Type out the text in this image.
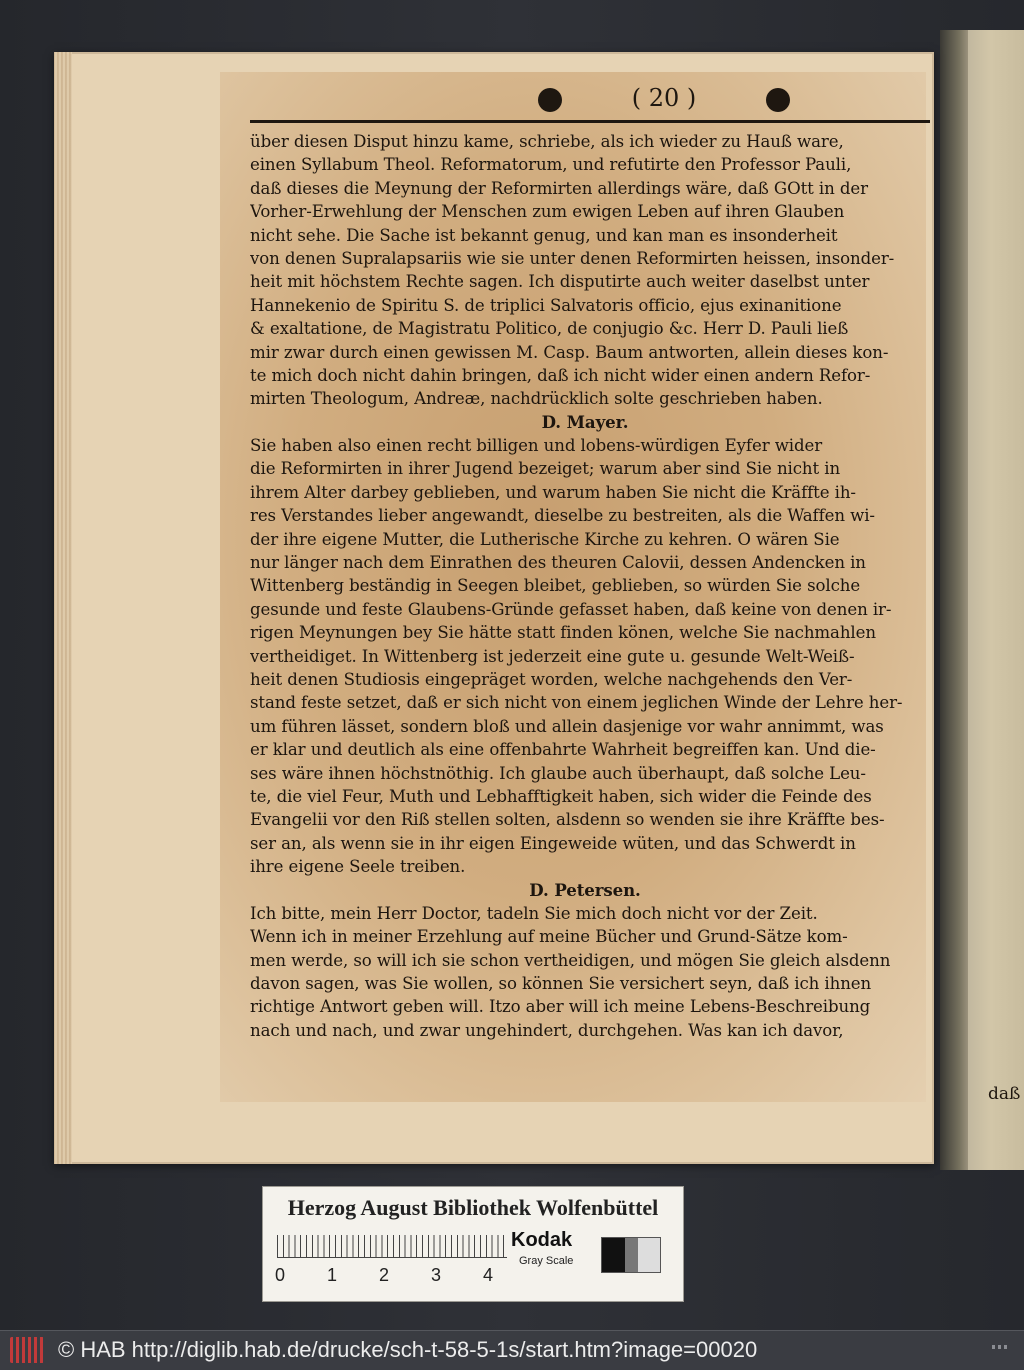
( 20 )
über diesen Disput hinzu kame, schriebe, als ich wieder zu Hauß ware,
einen Syllabum Theol. Reformatorum, und refutirte den Professor Pauli,
daß dieses die Meynung der Reformirten allerdings wäre, daß GOtt in der
Vorher-Erwehlung der Menschen zum ewigen Leben auf ihren Glauben
nicht sehe. Die Sache ist bekannt genug, und kan man es insonderheit
von denen Supralapsariis wie sie unter denen Reformirten heissen, insonder-
heit mit höchstem Rechte sagen. Ich disputirte auch weiter daselbst unter
Hannekenio de Spiritu S. de triplici Salvatoris officio, ejus exinanitione
& exaltatione, de Magistratu Politico, de conjugio &c. Herr D. Pauli ließ
mir zwar durch einen gewissen M. Casp. Baum antworten, allein dieses kon-
te mich doch nicht dahin bringen, daß ich nicht wider einen andern Refor-
mirten Theologum, Andreæ, nachdrücklich solte geschrieben haben.
D. Mayer.
Sie haben also einen recht billigen und lobens-würdigen Eyfer wider
die Reformirten in ihrer Jugend bezeiget; warum aber sind Sie nicht in
ihrem Alter darbey geblieben, und warum haben Sie nicht die Kräffte ih-
res Verstandes lieber angewandt, dieselbe zu bestreiten, als die Waffen wi-
der ihre eigene Mutter, die Lutherische Kirche zu kehren. O wären Sie
nur länger nach dem Einrathen des theuren Calovii, dessen Andencken in
Wittenberg beständig in Seegen bleibet, geblieben, so würden Sie solche
gesunde und feste Glaubens-Gründe gefasset haben, daß keine von denen ir-
rigen Meynungen bey Sie hätte statt finden könen, welche Sie nachmahlen
vertheidiget. In Wittenberg ist jederzeit eine gute u. gesunde Welt-Weiß-
heit denen Studiosis eingepräget worden, welche nachgehends den Ver-
stand feste setzet, daß er sich nicht von einem jeglichen Winde der Lehre her-
um führen lässet, sondern bloß und allein dasjenige vor wahr annimmt, was
er klar und deutlich als eine offenbahrte Wahrheit begreiffen kan. Und die-
ses wäre ihnen höchstnöthig. Ich glaube auch überhaupt, daß solche Leu-
te, die viel Feur, Muth und Lebhafftigkeit haben, sich wider die Feinde des
Evangelii vor den Riß stellen solten, alsdenn so wenden sie ihre Kräffte bes-
ser an, als wenn sie in ihr eigen Eingeweide wüten, und das Schwerdt in
ihre eigene Seele treiben.
D. Petersen.
Ich bitte, mein Herr Doctor, tadeln Sie mich doch nicht vor der Zeit.
Wenn ich in meiner Erzehlung auf meine Bücher und Grund-Sätze kom-
men werde, so will ich sie schon vertheidigen, und mögen Sie gleich alsdenn
davon sagen, was Sie wollen, so können Sie versichert seyn, daß ich ihnen
richtige Antwort geben will. Itzo aber will ich meine Lebens-Beschreibung
nach und nach, und zwar ungehindert, durchgehen. Was kan ich davor,
daß
Herzog August Bibliothek Wolfenbüttel
0 1 2 3 4
Kodak
Gray Scale
© HAB http://diglib.hab.de/drucke/sch-t-58-5-1s/start.htm?image=00020
